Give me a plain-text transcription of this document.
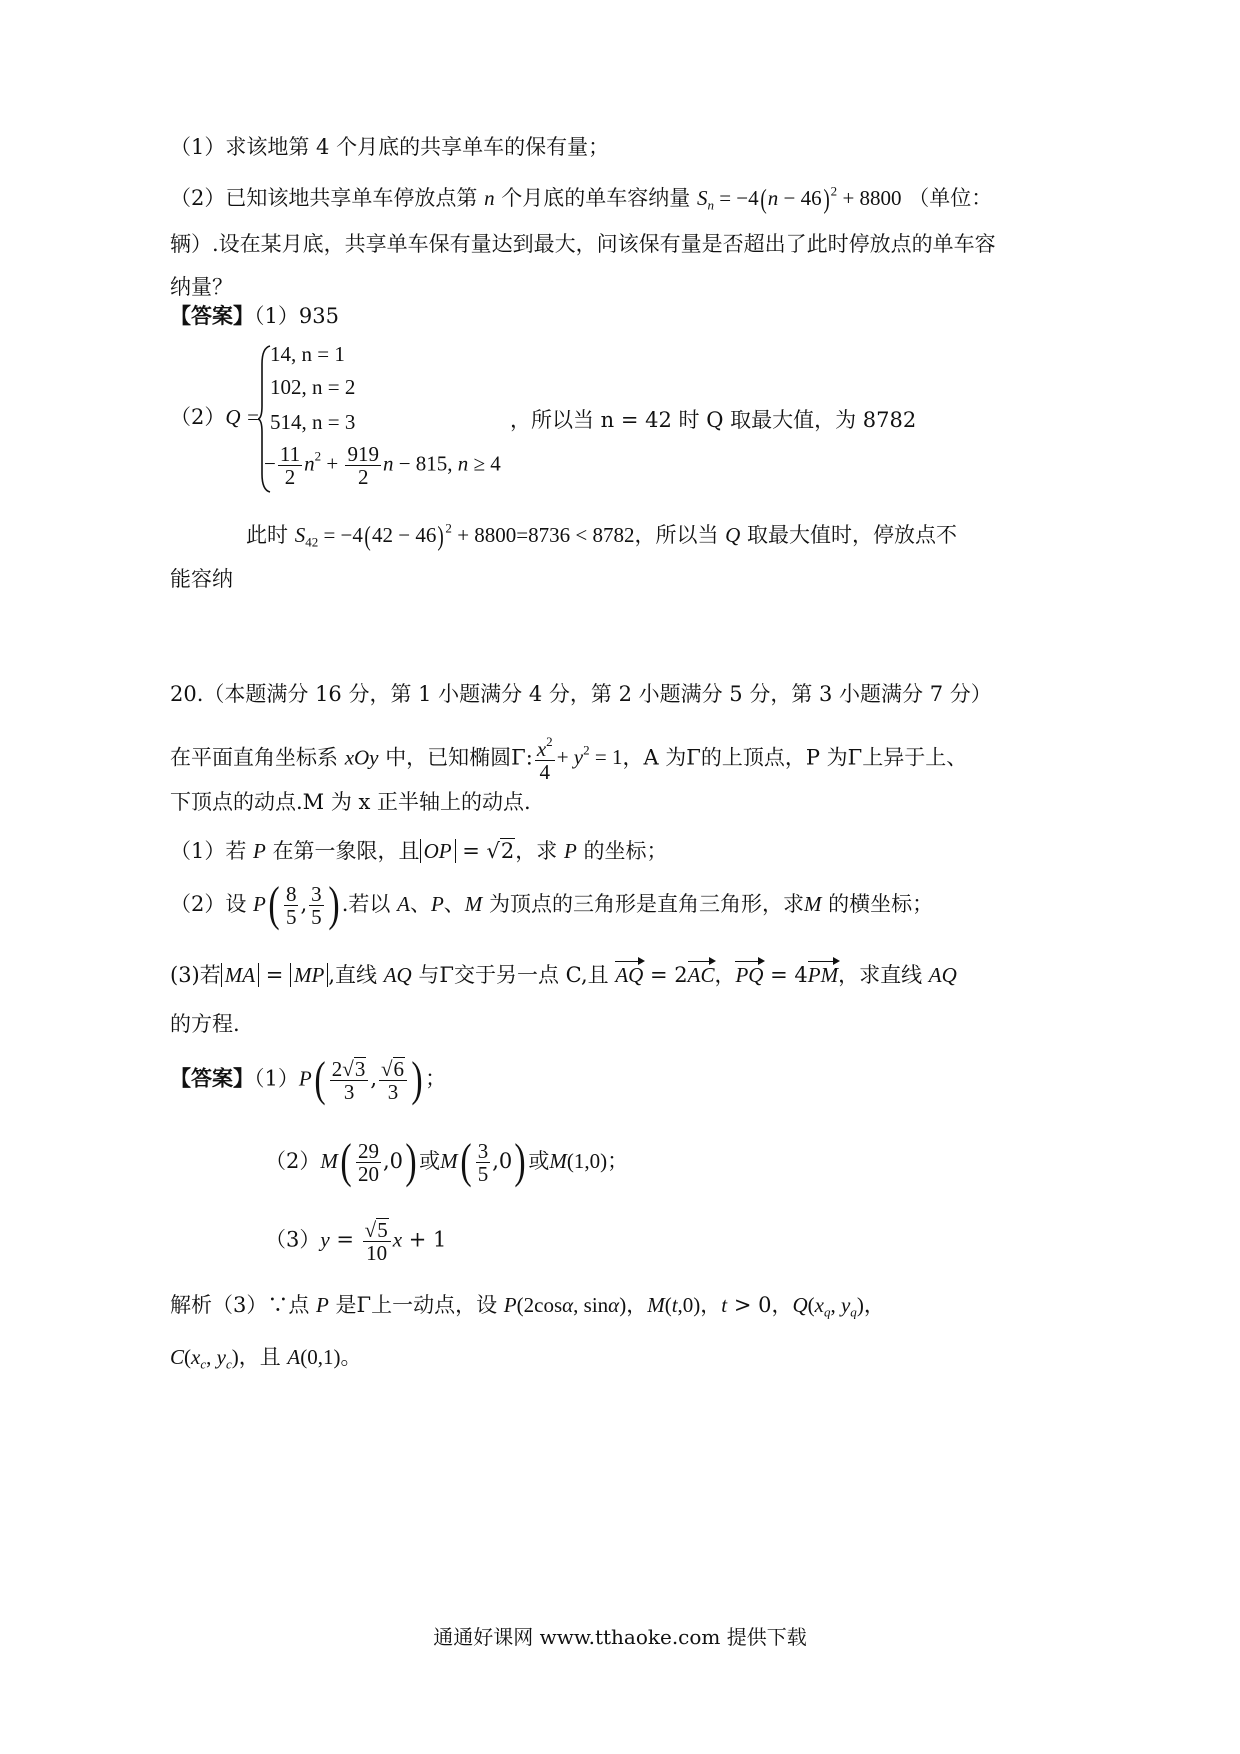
（1）求该地第 4 个月底的共享单车的保有量；
（2）已知该地共享单车停放点第 n 个月底的单车容纳量 $S_n = -4(n - 46)^2 + 8800$ （单位：
辆）.设在某月底，共享单车保有量达到最大，问该保有量是否超出了此时停放点的单车容
纳量？
【答案】（1）935
（2）Q =
14, n = 1
102, n = 2
514, n = 3
− $\frac{11}{2} n^2 + \frac{919}{2}$ n − 815, n ≥ 4
，所以当 n = 42 时 Q 取最大值，为 8782
此时 $S_{42} = -4(42 - 46)^2 + 8800=8736 < 8782$，所以当 Q 取最大值时，停放点不
能容纳
20.（本题满分 16 分，第 1 小题满分 4 分，第 2 小题满分 5 分，第 3 小题满分 7 分）
在平面直角坐标系 xOy 中，已知椭圆Γ: $\frac{x^2}{4} + y^2 = 1$，A 为Γ的上顶点，P 为Γ上异于上、
下顶点的动点.M 为 x 正半轴上的动点.
（1）若 P 在第一象限，且 OP = √ 2 ，求 P 的坐标；
（2）设 $P( \frac{8}{5}$ , $\frac{3}{5}$ ) .若以 A、P、M 为顶点的三角形是直角三角形，求M 的横坐标；
(3)若 MA = MP ,直线 AQ 与Γ交于另一点 C,且 AQ = 2AC，PQ = 4PM，求直线 AQ
的方程.
【答案】$(1)P( \frac{2√ 3}{3}$ , $\frac{√ 6}{3}$ ) ；
$(2)M( \frac{29}{20} ,0)$ 或$M( \frac{3}{5} ,0)$ 或M(1,0)；
$(3)y = \frac{√ 5}{10}$ x + 1
解析（3）∵点 P 是Γ上一动点，设 P(2cosα, sinα)，M(t,0)，t > 0，$Q(x_q$, $y_q$)，
$C(x_c$, $y_c$)，且 A(0,1)。
通通好课网 www.tthaoke.com 提供下载
